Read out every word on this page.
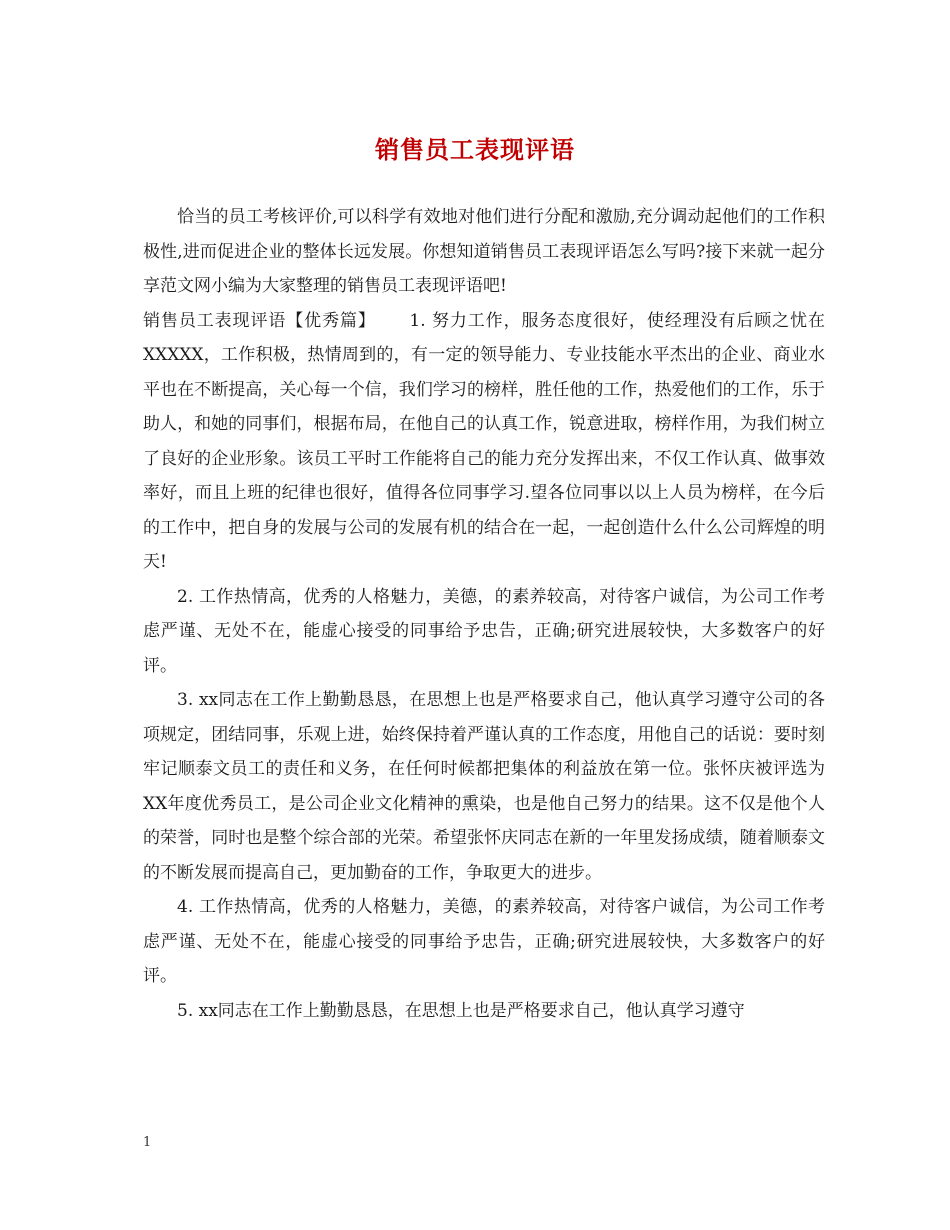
销售员工表现评语

恰当的员工考核评价,可以科学有效地对他们进行分配和激励,充分调动起他们的工作积极性,进而促进企业的整体长远发展。你想知道销售员工表现评语怎么写吗?接下来就一起分享范文网小编为大家整理的销售员工表现评语吧!

销售员工表现评语【优秀篇】　　 1. 努力工作，服务态度很好，使经理没有后顾之忧在XXXXX，工作积极，热情周到的，有一定的领导能力、专业技能水平杰出的企业、商业水平也在不断提高，关心每一个信，我们学习的榜样，胜任他的工作，热爱他们的工作，乐于助人，和她的同事们，根据布局，在他自己的认真工作，锐意进取，榜样作用，为我们树立了良好的企业形象。该员工平时工作能将自己的能力充分发挥出来，不仅工作认真、做事效率好，而且上班的纪律也很好，值得各位同事学习.望各位同事以以上人员为榜样，在今后的工作中，把自身的发展与公司的发展有机的结合在一起，一起创造什么什么公司辉煌的明天!

2. 工作热情高，优秀的人格魅力，美德，的素养较高，对待客户诚信，为公司工作考虑严谨、无处不在，能虚心接受的同事给予忠告，正确;研究进展较快，大多数客户的好评。

3. xx同志在工作上勤勤恳恳，在思想上也是严格要求自己，他认真学习遵守公司的各项规定，团结同事，乐观上进，始终保持着严谨认真的工作态度，用他自己的话说：要时刻牢记顺泰文员工的责任和义务，在任何时候都把集体的利益放在第一位。张怀庆被评选为XX年度优秀员工，是公司企业文化精神的熏染，也是他自己努力的结果。这不仅是他个人的荣誉，同时也是整个综合部的光荣。希望张怀庆同志在新的一年里发扬成绩，随着顺泰文的不断发展而提高自己，更加勤奋的工作，争取更大的进步。

4. 工作热情高，优秀的人格魅力，美德，的素养较高，对待客户诚信，为公司工作考虑严谨、无处不在，能虚心接受的同事给予忠告，正确;研究进展较快，大多数客户的好评。

5. xx同志在工作上勤勤恳恳，在思想上也是严格要求自己，他认真学习遵守

1
